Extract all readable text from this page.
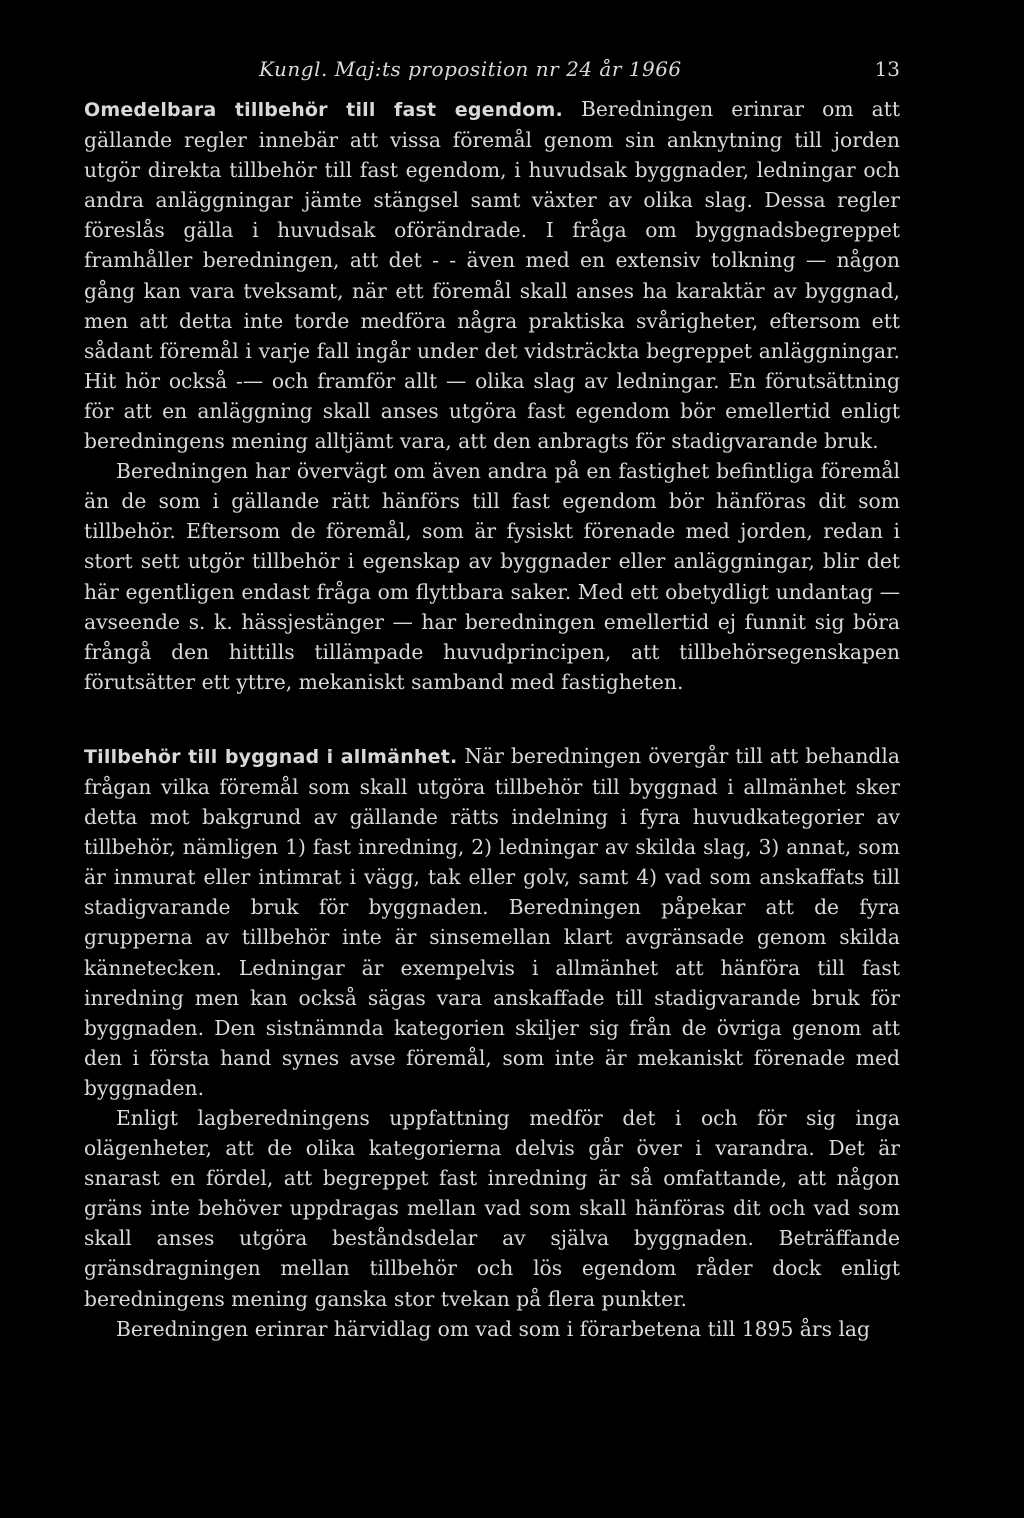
Kungl. Maj:ts proposition nr 24 år 1966	13

Omedelbara tillbehör till fast egendom. Beredningen erinrar om att gällande regler innebär att vissa föremål genom sin anknytning till jorden utgör direkta tillbehör till fast egendom, i huvudsak byggnader, ledningar och andra anläggningar jämte stängsel samt växter av olika slag. Dessa regler föreslås gälla i huvudsak oförändrade. I fråga om byggnadsbegreppet framhåller beredningen, att det - - även med en extensiv tolkning — någon gång kan vara tveksamt, när ett föremål skall anses ha karaktär av byggnad, men att detta inte torde medföra några praktiska svårigheter, eftersom ett sådant föremål i varje fall ingår under det vidsträckta begreppet anläggningar. Hit hör också -— och framför allt — olika slag av ledningar. En förutsättning för att en anläggning skall anses utgöra fast egendom bör emellertid enligt beredningens mening alltjämt vara, att den anbragts för stadigvarande bruk.

Beredningen har övervägt om även andra på en fastighet befintliga föremål än de som i gällande rätt hänförs till fast egendom bör hänföras dit som tillbehör. Eftersom de föremål, som är fysiskt förenade med jorden, redan i stort sett utgör tillbehör i egenskap av byggnader eller anläggningar, blir det här egentligen endast fråga om flyttbara saker. Med ett obetydligt undantag — avseende s. k. hässjestänger — har beredningen emellertid ej funnit sig böra frångå den hittills tillämpade huvudprincipen, att tillbehörsegenskapen förutsätter ett yttre, mekaniskt samband med fastigheten.

Tillbehör till byggnad i allmänhet. När beredningen övergår till att behandla frågan vilka föremål som skall utgöra tillbehör till byggnad i allmänhet sker detta mot bakgrund av gällande rätts indelning i fyra huvudkategorier av tillbehör, nämligen 1) fast inredning, 2) ledningar av skilda slag, 3) annat, som är inmurat eller intimrat i vägg, tak eller golv, samt 4) vad som anskaffats till stadigvarande bruk för byggnaden. Beredningen påpekar att de fyra grupperna av tillbehör inte är sinsemellan klart avgränsade genom skilda kännetecken. Ledningar är exempelvis i allmänhet att hänföra till fast inredning men kan också sägas vara anskaffade till stadigvarande bruk för byggnaden. Den sistnämnda kategorien skiljer sig från de övriga genom att den i första hand synes avse föremål, som inte är mekaniskt förenade med byggnaden.

Enligt lagberedningens uppfattning medför det i och för sig inga olägenheter, att de olika kategorierna delvis går över i varandra. Det är snarast en fördel, att begreppet fast inredning är så omfattande, att någon gräns inte behöver uppdragas mellan vad som skall hänföras dit och vad som skall anses utgöra beståndsdelar av själva byggnaden. Beträffande gränsdragningen mellan tillbehör och lös egendom råder dock enligt beredningens mening ganska stor tvekan på flera punkter.

Beredningen erinrar härvidlag om vad som i förarbetena till 1895 års lag
